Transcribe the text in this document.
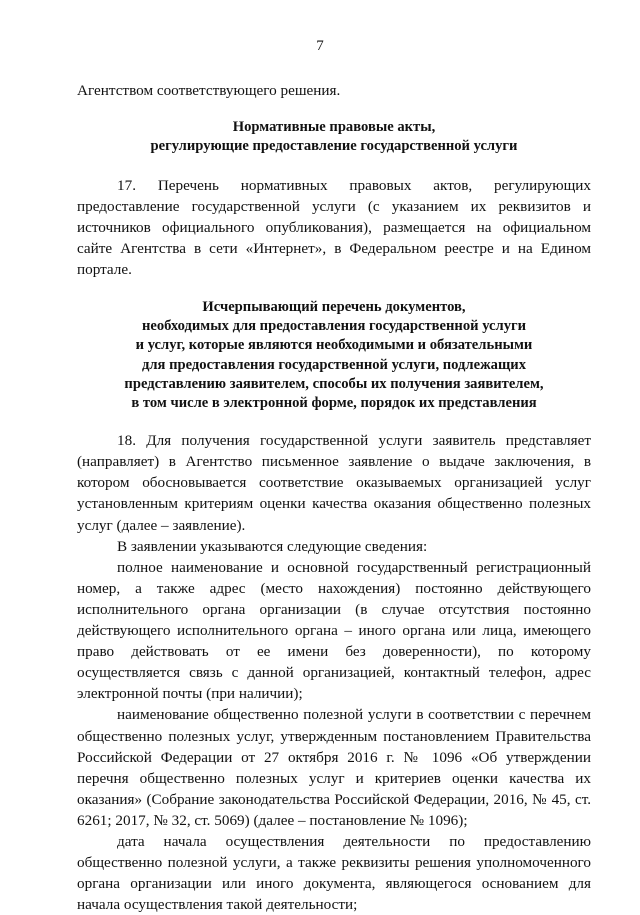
7

Агентством соответствующего решения.

Нормативные правовые акты,
регулирующие предоставление государственной услуги

17. Перечень нормативных правовых актов, регулирующих предоставление государственной услуги (с указанием их реквизитов и источников официального опубликования), размещается на официальном сайте Агентства в сети «Интернет», в Федеральном реестре и на Едином портале.

Исчерпывающий перечень документов,
необходимых для предоставления государственной услуги
и услуг, которые являются необходимыми и обязательными
для предоставления государственной услуги, подлежащих
представлению заявителем, способы их получения заявителем,
в том числе в электронной форме, порядок их представления

18. Для получения государственной услуги заявитель представляет (направляет) в Агентство письменное заявление о выдаче заключения, в котором обосновывается соответствие оказываемых организацией услуг установленным критериям оценки качества оказания общественно полезных услуг (далее – заявление).

В заявлении указываются следующие сведения:

полное наименование и основной государственный регистрационный номер, а также адрес (место нахождения) постоянно действующего исполнительного органа организации (в случае отсутствия постоянно действующего исполнительного органа – иного органа или лица, имеющего право действовать от ее имени без доверенности), по которому осуществляется связь с данной организацией, контактный телефон, адрес электронной почты (при наличии);

наименование общественно полезной услуги в соответствии с перечнем общественно полезных услуг, утвержденным постановлением Правительства Российской Федерации от 27 октября 2016 г. № 1096 «Об утверждении перечня общественно полезных услуг и критериев оценки качества их оказания» (Собрание законодательства Российской Федерации, 2016, № 45, ст. 6261; 2017, № 32, ст. 5069) (далее – постановление № 1096);

дата начала осуществления деятельности по предоставлению общественно полезной услуги, а также реквизиты решения уполномоченного органа организации или иного документа, являющегося основанием для начала осуществления такой деятельности;
